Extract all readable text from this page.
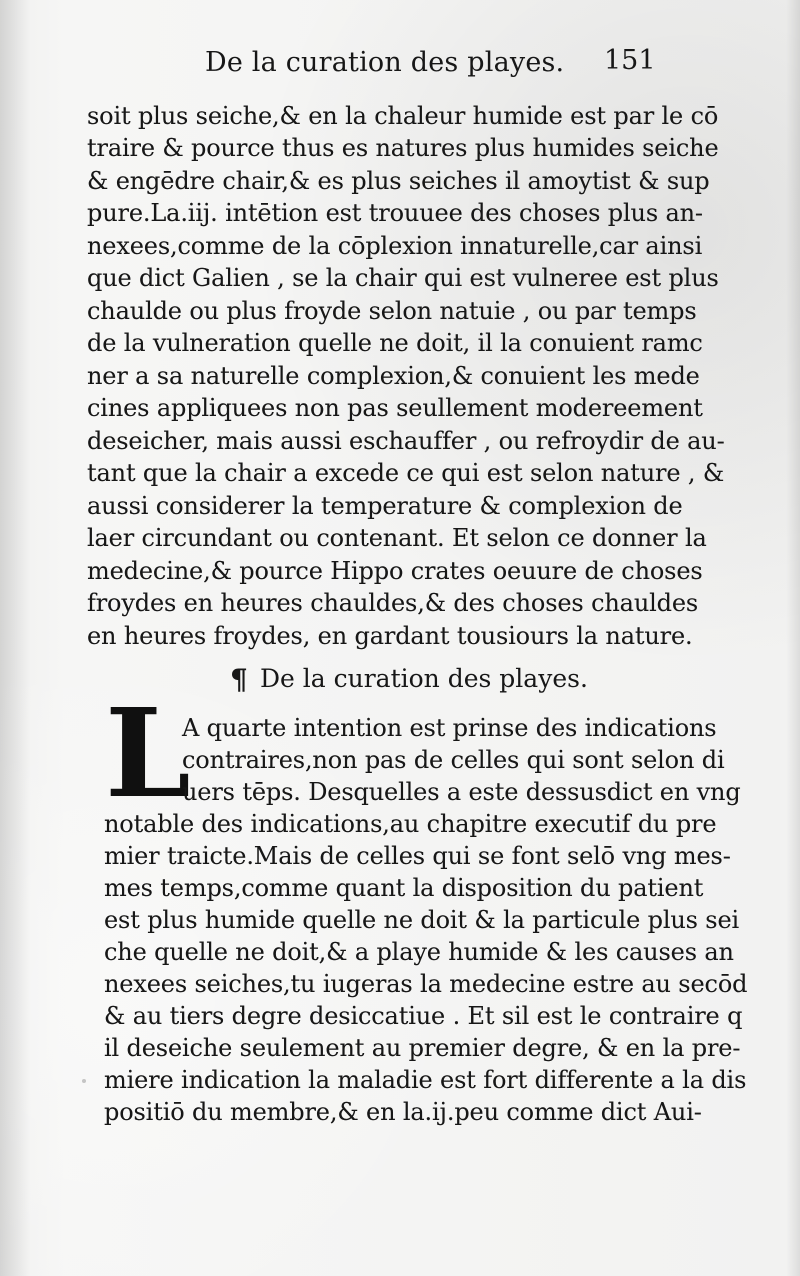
De la curation des playes. 151
soit plus seiche,& en la chaleur humide est par le cō
traire & pource thus es natures plus humides seiche
& engēdre chair,& es plus seiches il amoytist & sup
pure.La.iij. intētion est trouuee des choses plus an-
nexees,comme de la cōplexion innaturelle,car ainsi
que dict Galien , se la chair qui est vulneree est plus
chaulde ou plus froyde selon natuie , ou par temps
de la vulneration quelle ne doit, il la conuient ramc
ner a sa naturelle complexion,& conuient les mede
cines appliquees non pas seullement modereement
deseicher, mais aussi eschauffer , ou refroydir de au-
tant que la chair a excede ce qui est selon nature , &
aussi considerer la temperature & complexion de
laer circundant ou contenant. Et selon ce donner la
medecine,& pource Hippo crates oeuure de choses
froydes en heures chauldes,& des choses chauldes
en heures froydes, en gardant tousiours la nature.
¶ De la curation des playes.
L
A quarte intention est prinse des indications
contraires,non pas de celles qui sont selon di
uers tēps. Desquelles a este dessusdict en vng
notable des indications,au chapitre executif du pre
mier traicte.Mais de celles qui se font selō vng mes-
mes temps,comme quant la disposition du patient
est plus humide quelle ne doit & la particule plus sei
che quelle ne doit,& a playe humide & les causes an
nexees seiches,tu iugeras la medecine estre au secōd
& au tiers degre desiccatiue . Et sil est le contraire q
il deseiche seulement au premier degre, & en la pre-
miere indication la maladie est fort differente a la dis
positiō du membre,& en la.ij.peu comme dict Aui-
